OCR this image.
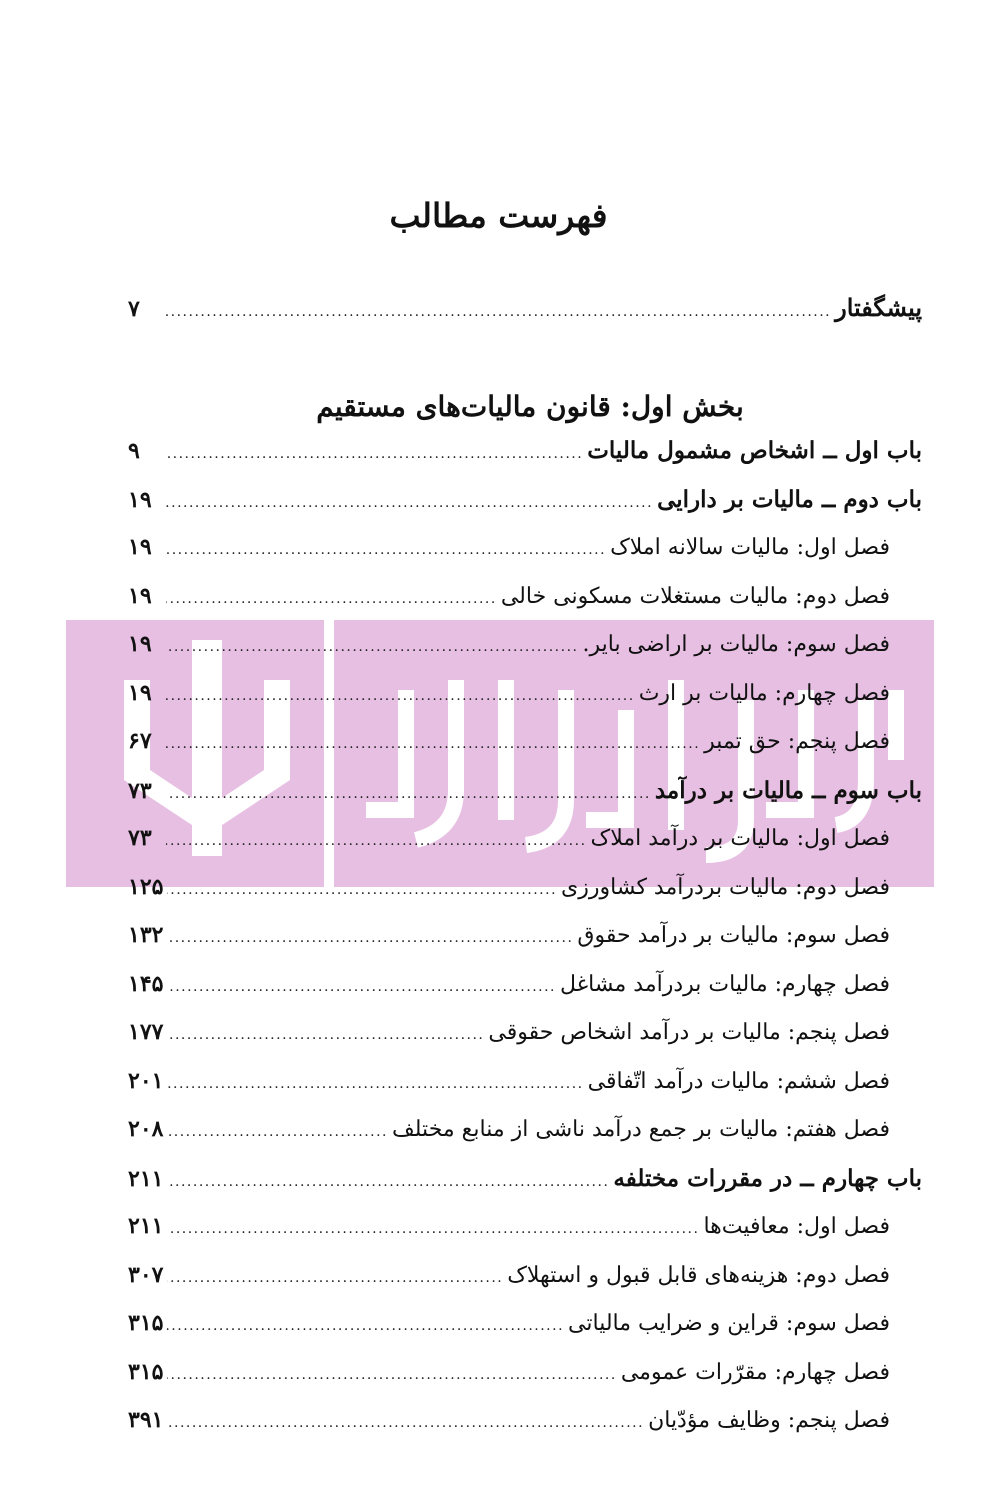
فهرست مطالب
پیشگفتار
.....
۷
بخش اول: قانون مالیات‌های مستقیم
باب اول ــ اشخاص مشمول مالیات
.....
۹
باب دوم ــ مالیات بر دارایی
.....
۱۹
فصل اول: مالیات سالانه املاک
.....
۱۹
فصل دوم: مالیات مستغلات مسکونی خالی
.....
۱۹
فصل سوم: مالیات بر اراضی بایر.
.....
۱۹
فصل چهارم: مالیات بر ارث
.....
۱۹
فصل پنجم: حق تمبر
.....
۶۷
باب سوم ــ مالیات بر درآمد
.....
۷۳
فصل اول: مالیات بر درآمد املاک
.....
۷۳
فصل دوم: مالیات بردرآمد کشاورزی
.....
۱۲۵
فصل سوم: مالیات بر درآمد حقوق
.....
۱۳۲
فصل چهارم: مالیات بردرآمد مشاغل
.....
۱۴۵
فصل پنجم: مالیات بر درآمد اشخاص حقوقی
.....
۱۷۷
فصل ششم: مالیات درآمد اتّفاقی
.....
۲۰۱
فصل هفتم: مالیات بر جمع درآمد ناشی از منابع مختلف
.....
۲۰۸
باب چهارم ــ در مقررات مختلفه
.....
۲۱۱
فصل اول: معافیت‌ها
.....
۲۱۱
فصل دوم: هزینه‌های قابل قبول و استهلاک
.....
۳۰۷
فصل سوم: قراین و ضرایب مالیاتی
.....
۳۱۵
فصل چهارم: مقرّرات عمومی
.....
۳۱۵
فصل پنجم: وظایف مؤدّیان
.....
۳۹۱
